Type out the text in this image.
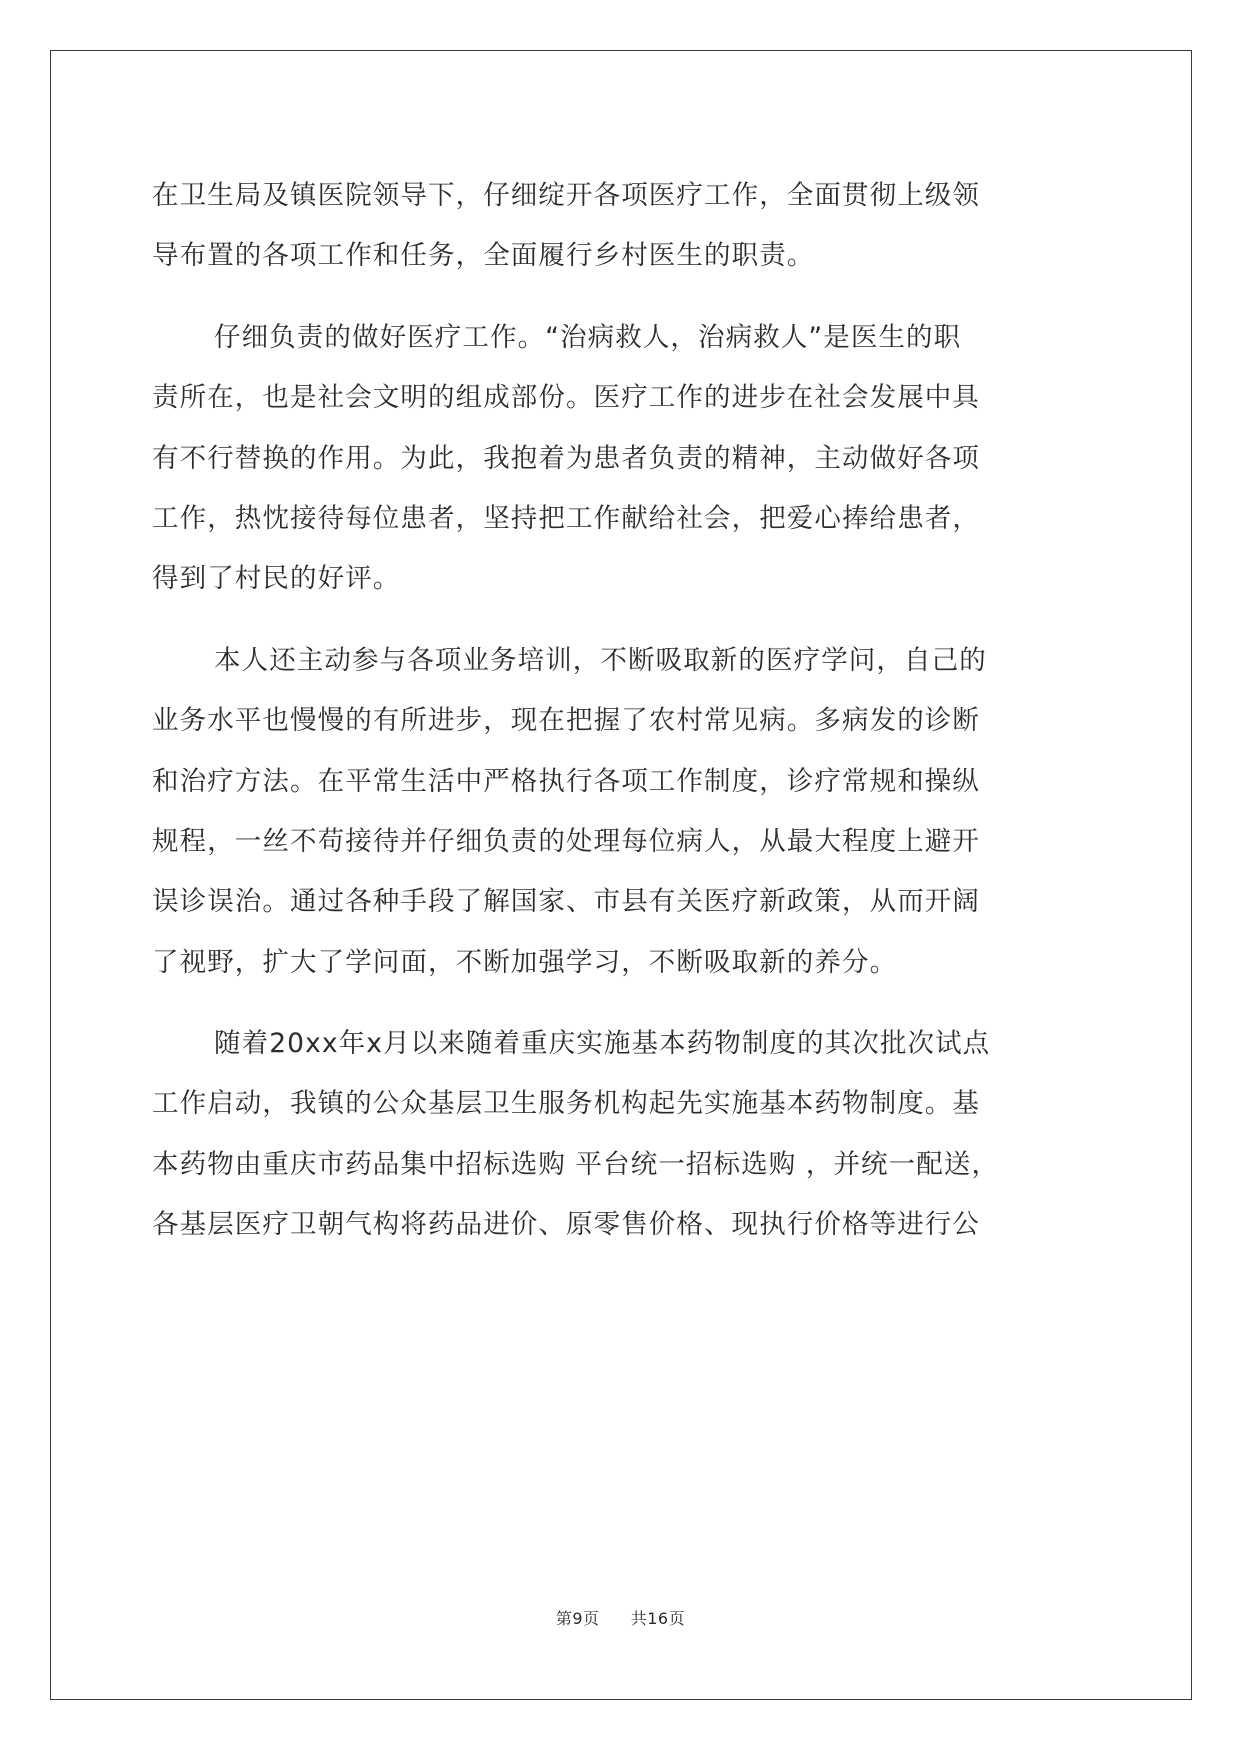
在卫生局及镇医院领导下，仔细绽开各项医疗工作，全面贯彻上级领
导布置的各项工作和任务，全面履行乡村医生的职责。
仔细负责的做好医疗工作。“治病救人，治病救人”是医生的职
责所在，也是社会文明的组成部份。医疗工作的进步在社会发展中具
有不行替换的作用。为此，我抱着为患者负责的精神，主动做好各项
工作，热忱接待每位患者，坚持把工作献给社会，把爱心捧给患者，
得到了村民的好评。
本人还主动参与各项业务培训，不断吸取新的医疗学问，自己的
业务水平也慢慢的有所进步，现在把握了农村常见病。多病发的诊断
和治疗方法。在平常生活中严格执行各项工作制度，诊疗常规和操纵
规程，一丝不苟接待并仔细负责的处理每位病人，从最大程度上避开
误诊误治。通过各种手段了解国家、市县有关医疗新政策，从而开阔
了视野，扩大了学问面，不断加强学习，不断吸取新的养分。
随着20xx年x月以来随着重庆实施基本药物制度的其次批次试点
工作启动，我镇的公众基层卫生服务机构起先实施基本药物制度。基
本药物由重庆市药品集中招标选购 平台统一招标选购 ，并统一配送，
各基层医疗卫朝气构将药品进价、原零售价格、现执行价格等进行公
第9页 共16页
